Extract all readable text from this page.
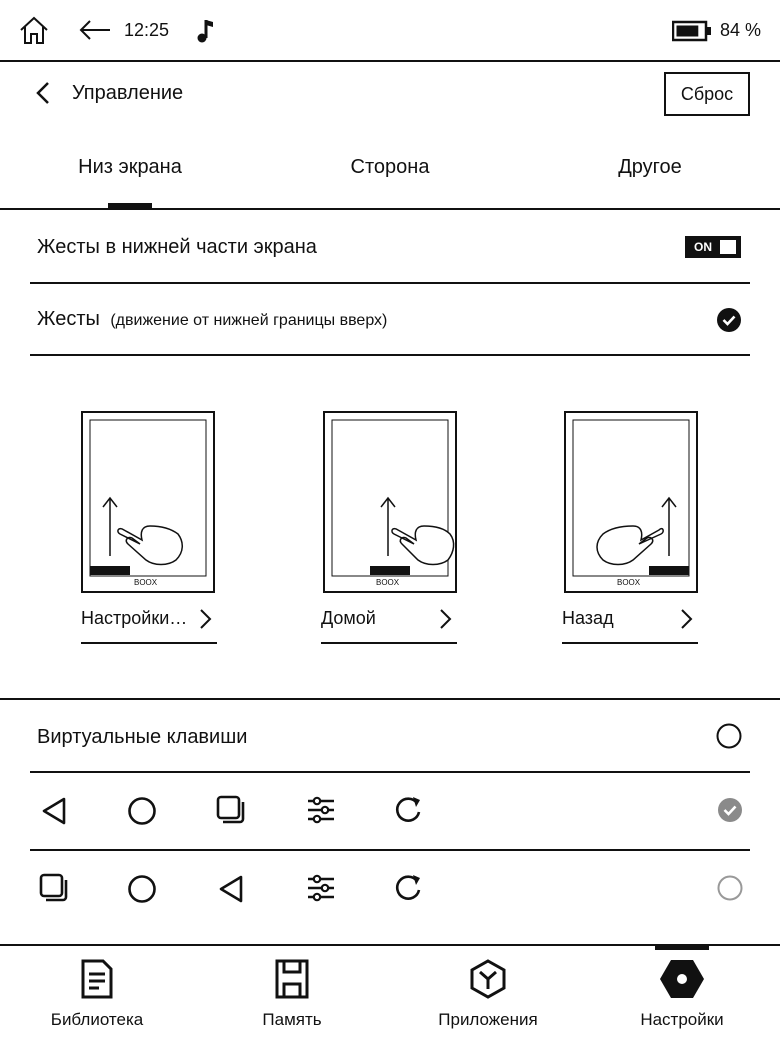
12:25	84 %
Управление	Сброс
Низ экрана	Сторона	Другое
Жесты в нижней части экрана	ON
Жесты (движение от нижней границы вверх)
BOOX
Настройки…
BOOX
Домой
BOOX
Назад
Виртуальные клавиши
Библиотека	Память	Приложения	Настройки
